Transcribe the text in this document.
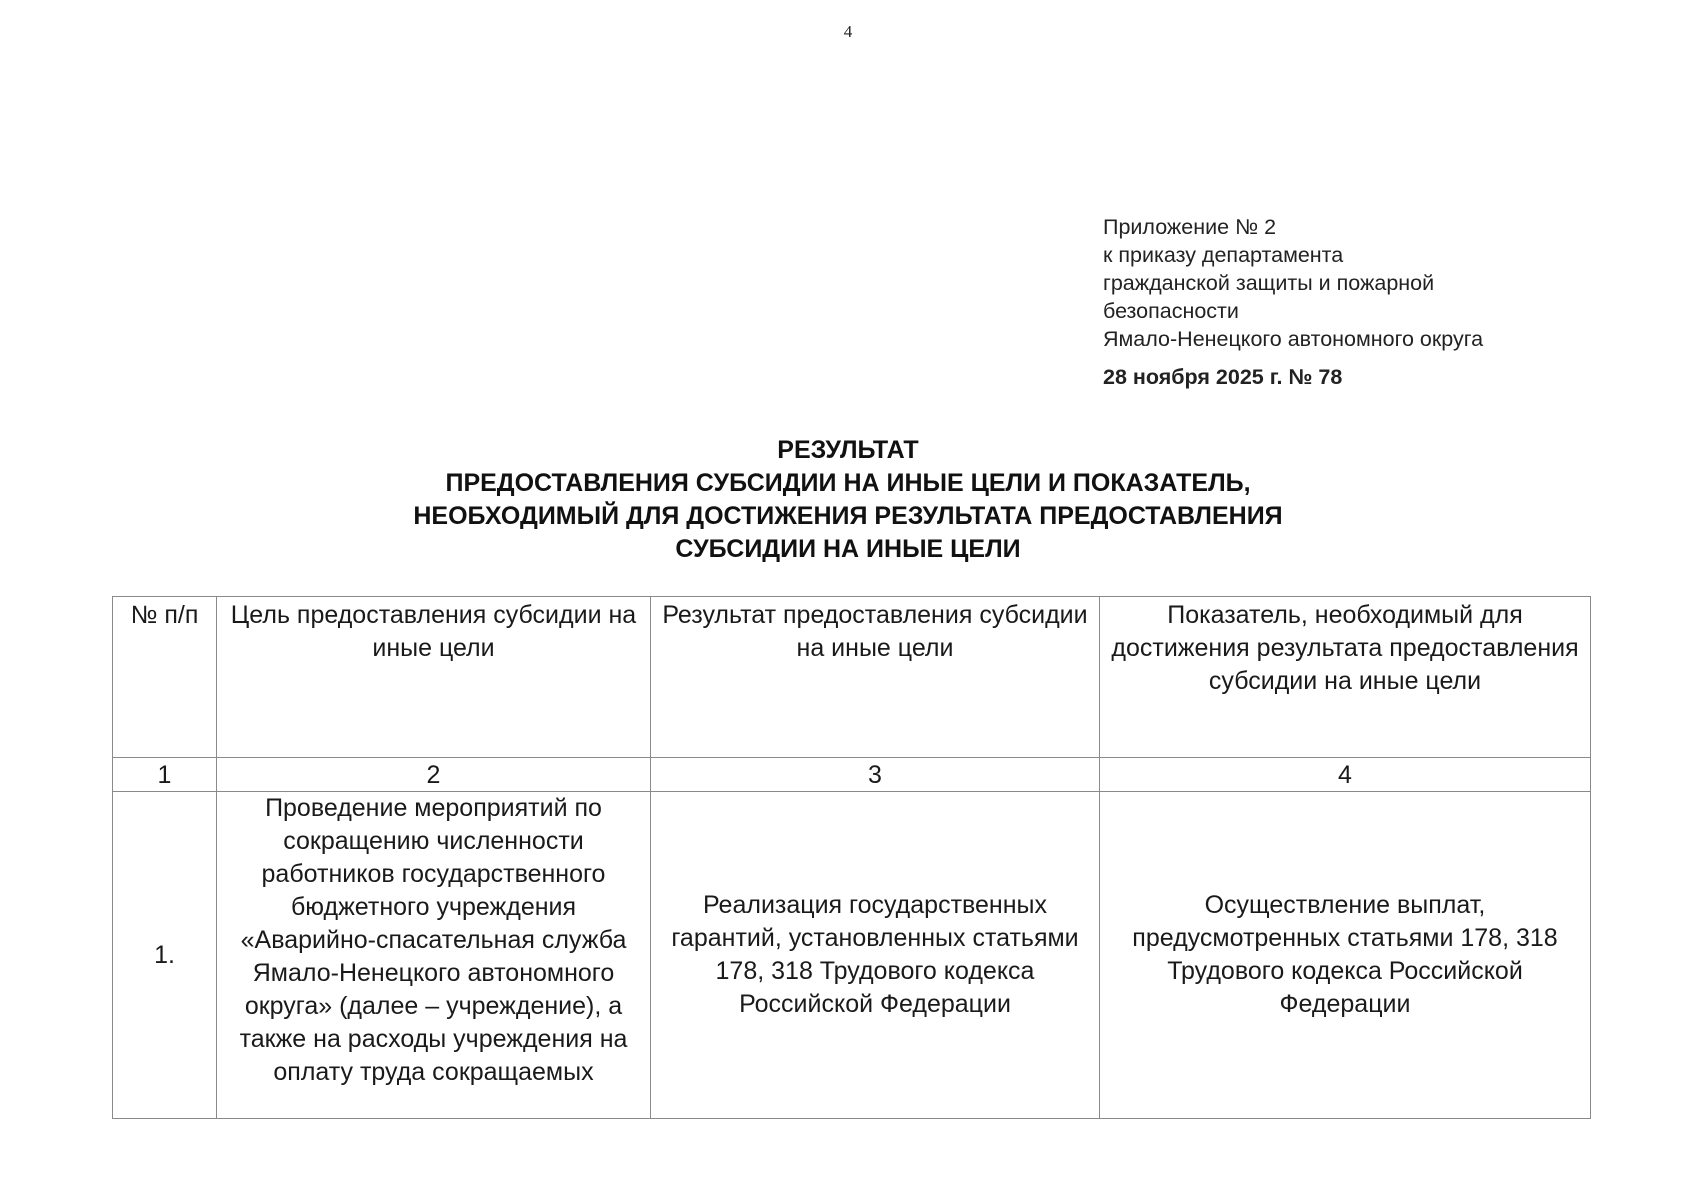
4
Приложение № 2
к приказу департамента
гражданской защиты и пожарной
безопасности
Ямало-Ненецкого автономного округа
28 ноября 2025 г. № 78
РЕЗУЛЬТАТ
ПРЕДОСТАВЛЕНИЯ СУБСИДИИ НА ИНЫЕ ЦЕЛИ И ПОКАЗАТЕЛЬ,
НЕОБХОДИМЫЙ ДЛЯ ДОСТИЖЕНИЯ РЕЗУЛЬТАТА ПРЕДОСТАВЛЕНИЯ
СУБСИДИИ НА ИНЫЕ ЦЕЛИ
№ п/п	Цель предоставления субсидии на иные цели	Результат предоставления субсидии на иные цели	Показатель, необходимый для достижения результата предоставления субсидии на иные цели

1	2	3	4
1.	Проведение мероприятий по сокращению численности работников государственного бюджетного учреждения «Аварийно-спасательная служба Ямало-Ненецкого автономного округа» (далее – учреждение), а также на расходы учреждения на оплату труда сокращаемых	Реализация государственных гарантий, установленных статьями 178, 318 Трудового кодекса Российской Федерации	Осуществление выплат, предусмотренных статьями 178, 318 Трудового кодекса Российской Федерации
